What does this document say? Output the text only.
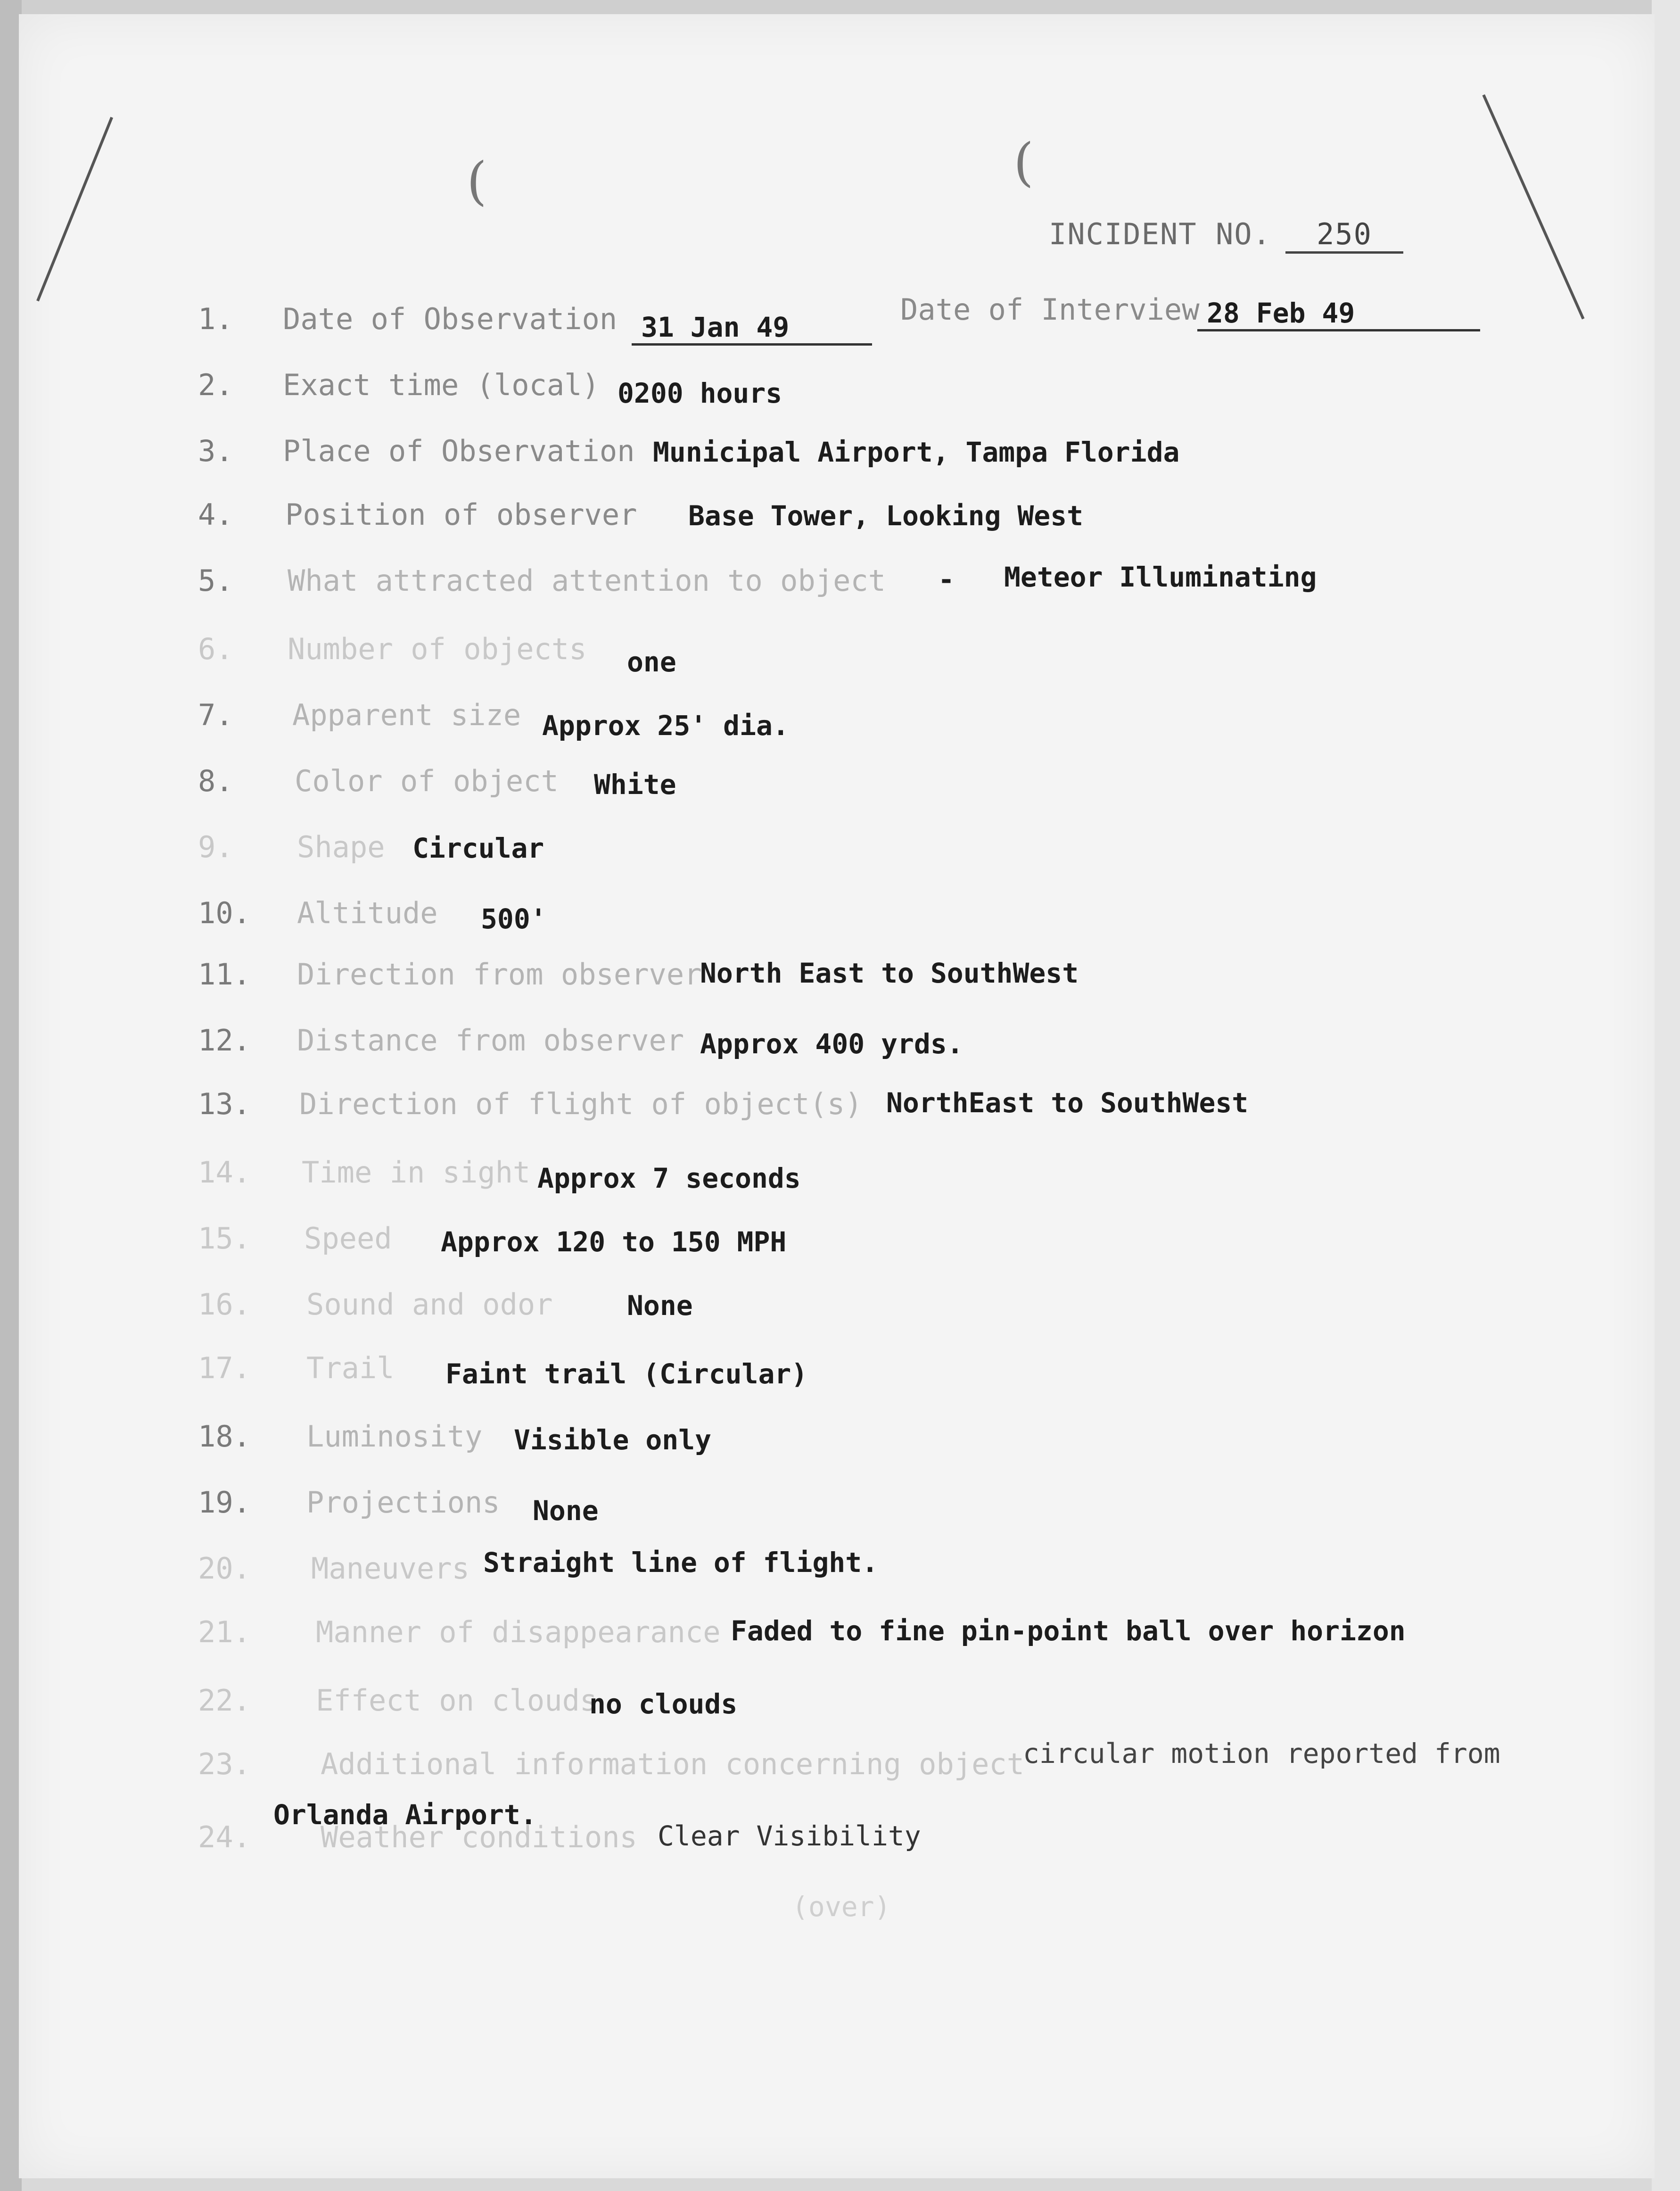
(	(
INCIDENT NO. 250
1.	Date of Observation 31 Jan 49
Date of Interview 28 Feb 49
2.	Exact time (local) 0200 hours
3.	Place of Observation Municipal Airport, Tampa Florida
4.	Position of observer Base Tower, Looking West
5.	What attracted attention to object - Meteor Illuminating
6.	Number of objects one
7.	Apparent size Approx 25' dia.
8.	Color of object White
9.	Shape Circular
10.	Altitude 500'
11.	Direction from observer
North East to SouthWest
12.	Distance from observer Approx 400 yrds.
13.	Direction of flight of object(s) NorthEast to SouthWest
14.	Time in sight Approx 7 seconds
15.	Speed Approx 120 to 150 MPH
16.	Sound and odor	None
17.	Trail Faint trail (Circular)
18.	Luminosity Visible only
19.	Projections None
20.	Maneuvers Straight line of flight.
21.	Manner of disappearance Faded to fine pin-point ball over horizon
22.	Effect on clouds
no clouds
23.	Additional information concerning object
circular motion reported from
Orlanda Airport.
24.	Weather conditions Clear Visibility
(over)
